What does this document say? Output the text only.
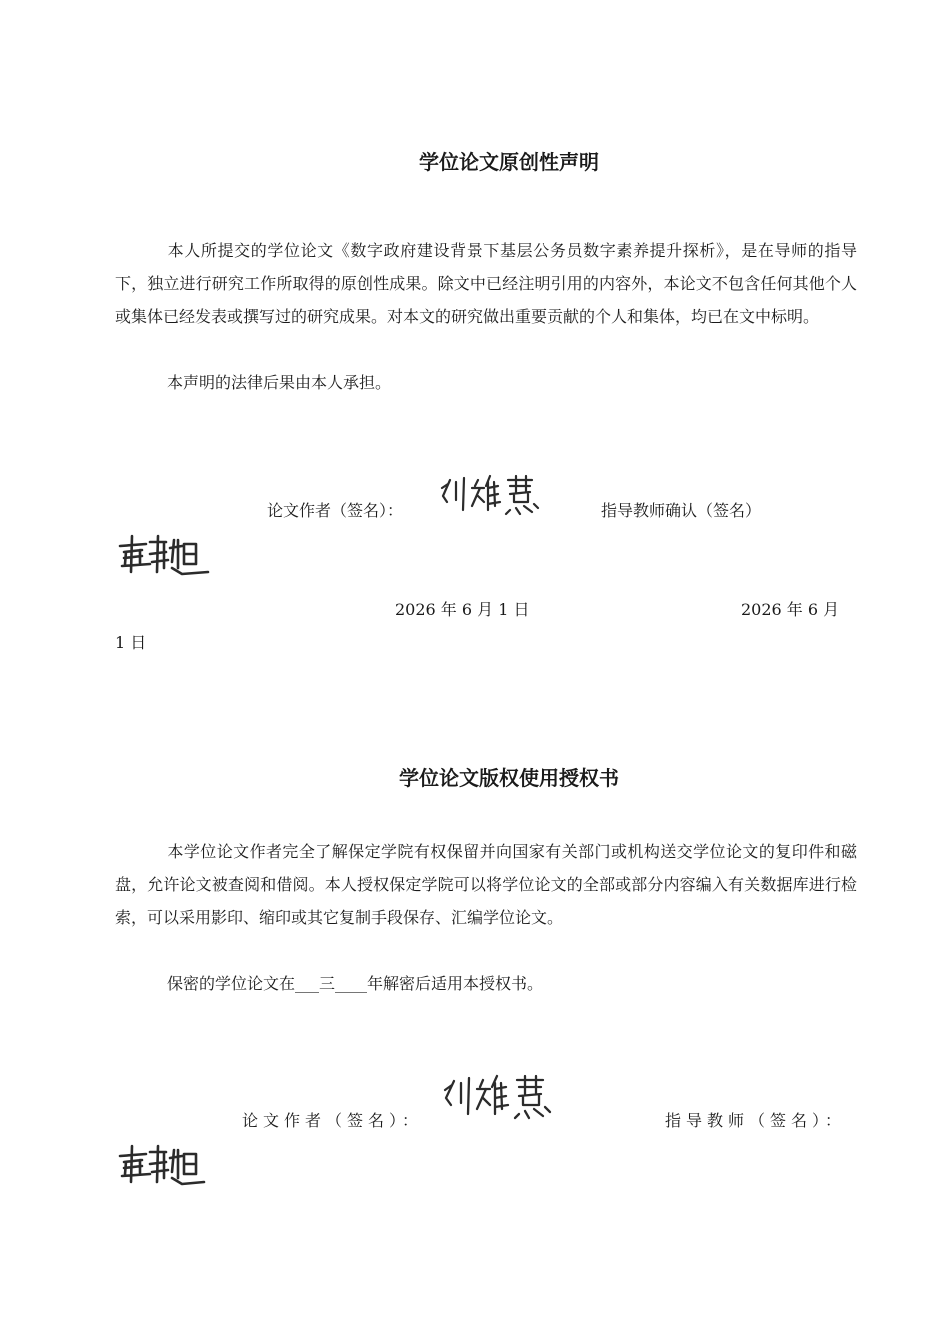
学位论文原创性声明
本人所提交的学位论文《数字政府建设背景下基层公务员数字素养提升探析》，是在导师的指导下，独立进行研究工作所取得的原创性成果。除文中已经注明引用的内容外，本论文不包含任何其他个人或集体已经发表或撰写过的研究成果。对本文的研究做出重要贡献的个人和集体，均已在文中标明。
本声明的法律后果由本人承担。
论文作者（签名）：	指导教师确认（签名）
2026 年 6 月 1 日	2026 年 6 月
1 日
学位论文版权使用授权书
本学位论文作者完全了解保定学院有权保留并向国家有关部门或机构送交学位论文的复印件和磁盘，允许论文被查阅和借阅。本人授权保定学院可以将学位论文的全部或部分内容编入有关数据库进行检索，可以采用影印、缩印或其它复制手段保存、汇编学位论文。
保密的学位论文在___三____年解密后适用本授权书。
论文作者（签名）：	指导教师（签名）：
